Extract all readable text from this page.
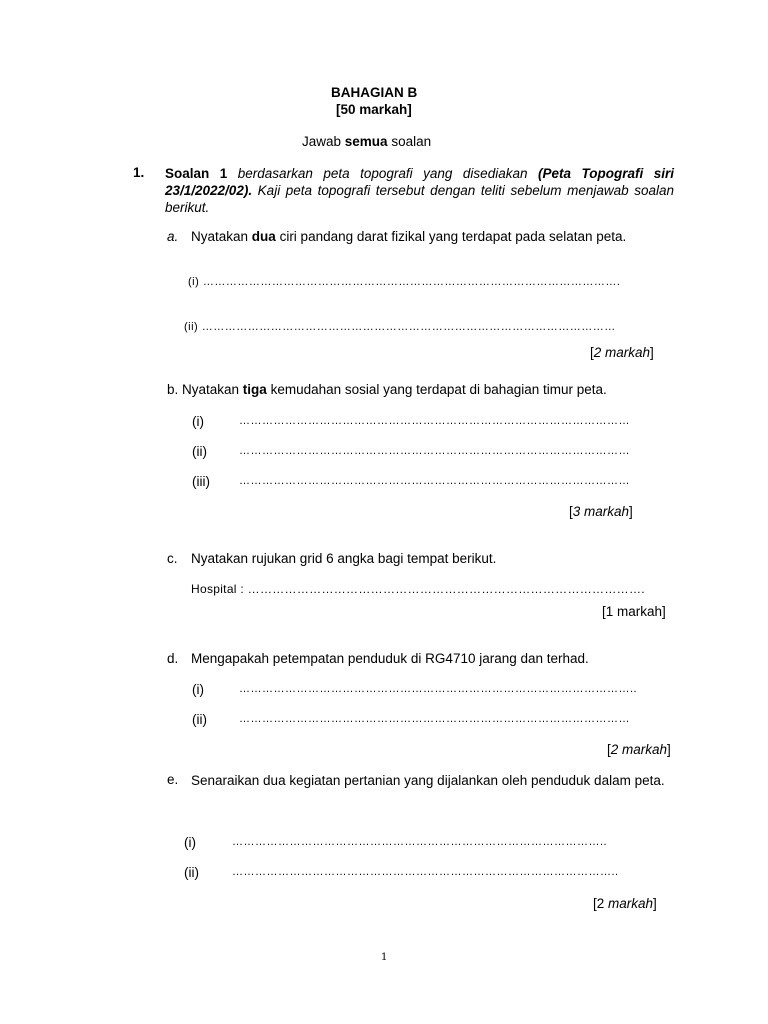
BAHAGIAN B
[50 markah]
Jawab semua soalan
1. Soalan 1 berdasarkan peta topografi yang disediakan (Peta Topografi siri 23/1/2022/02). Kaji peta topografi tersebut dengan teliti sebelum menjawab soalan berikut.
a. Nyatakan dua ciri pandang darat fizikal yang terdapat pada selatan peta.
(i) ……………………………………………………………………………………………….
(ii) ………………………………………………………………………………………………
[2 markah]
b. Nyatakan tiga kemudahan sosial yang terdapat di bahagian timur peta.
(i)	…………………………………………………………………………………………
(ii)	…………………………………………………………………………………………
(iii)	…………………………………………………………………………………………
[3 markah]
c. Nyatakan rujukan grid 6 angka bagi tempat berikut.
Hospital : …………………………………………………………………………………….
[1 markah]
d. Mengapakah petempatan penduduk di RG4710 jarang dan terhad.
(i)	…………………………………………………………………………………………..
(ii)	…………………………………………………………………………………………
[2 markah]
e. Senaraikan dua kegiatan pertanian yang dijalankan oleh penduduk dalam peta.
(i)	……………………………………………………………………………………..
(ii)	………………………………………………………………………………………..
[2 markah]
1
